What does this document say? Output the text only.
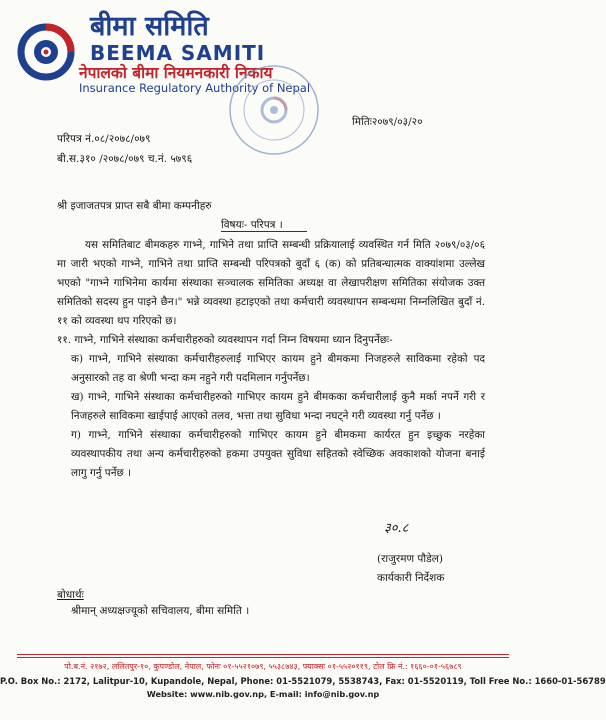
बीमा समिति
BEEMA SAMITI
नेपालको बीमा नियमनकारी निकाय
Insurance Regulatory Authority of Nepal
मितिः२०७९/०३/२०
परिपत्र नं.०८/२०७८/०७९
बी.स.३१० /२०७८/०७९ च.नं. ५७९६
श्री इजाजतपत्र प्राप्त सबै बीमा कम्पनीहरु
विषयः- परिपत्र ।
यस समितिबाट बीमकहरु गाभ्ने, गाभिने तथा प्राप्ति सम्बन्धी प्रक्रियालाई व्यवस्थित गर्न मिति २०७९/०३/०६ मा जारी भएको गाभ्ने, गाभिने तथा प्राप्ति सम्बन्धी परिपत्रको बुदाँ ६ (क) को प्रतिबन्धात्मक वाक्यांशमा उल्लेख भएको "गाभ्ने गाभिनेमा कार्यमा संस्थाका सञ्चालक समितिका अध्यक्ष वा लेखापरीक्षण समितिका संयोजक उक्त समितिको सदस्य हुन पाइने छैन।" भन्ने व्यवस्था हटाइएको तथा कर्मचारी व्यवस्थापन सम्बन्धमा निम्नलिखित बुदाँ नं. ११ को व्यवस्था थप गरिएको छ।
११. गाभ्ने, गाभिने संस्थाका कर्मचारीहरुको व्यवस्थापन गर्दा निम्न विषयमा ध्यान दिनुपर्नेछः-
क) गाभ्ने, गाभिने संस्थाका कर्मचारीहरुलाई गाभिएर कायम हुने बीमकमा निजहरुले साविकमा रहेको पद अनुसारको तह वा श्रेणी भन्दा कम नहुने गरी पदमिलान गर्नुपर्नेछ।
ख) गाभ्ने, गाभिने संस्थाका कर्मचारीहरुको गाभिएर कायम हुने बीमकका कर्मचारीलाई कुनै मर्का नपर्ने गरी र निजहरुले साविकमा खाईपाई आएको तलव, भत्ता तथा सुविधा भन्दा नघट्ने गरी व्यवस्था गर्नु पर्नेछ ।
ग) गाभ्ने, गाभिने संस्थाका कर्मचारीहरुको गाभिएर कायम हुने बीमकमा कार्यरत हुन इच्छुक नरहेका व्यवस्थापकीय तथा अन्य कर्मचारीहरुको हकमा उपयुक्त सुविधा सहितको स्वेच्छिक अवकाशको योजना बनाई लागु गर्नु पर्नेछ ।
३०.८
(राजुरमण पौडेल)
कार्यकारी निर्देशक
बोधार्थः
श्रीमान् अध्यक्षज्यूको सचिवालय, बीमा समिति ।
पो.ब.नं. २१७२, ललितपुर-१०, कुपण्डोल, नेपाल, फोनः ०१-५५२१०७९, ५५३८७४३, फ्याक्सः ०१-५५२०११९, टोल फ्रि नं.: १६६०-०१-५६७८९
P.O. Box No.: 2172, Lalitpur-10, Kupandole, Nepal, Phone: 01-5521079, 5538743, Fax: 01-5520119, Toll Free No.: 1660-01-56789
Website: www.nib.gov.np, E-mail: info@nib.gov.np
